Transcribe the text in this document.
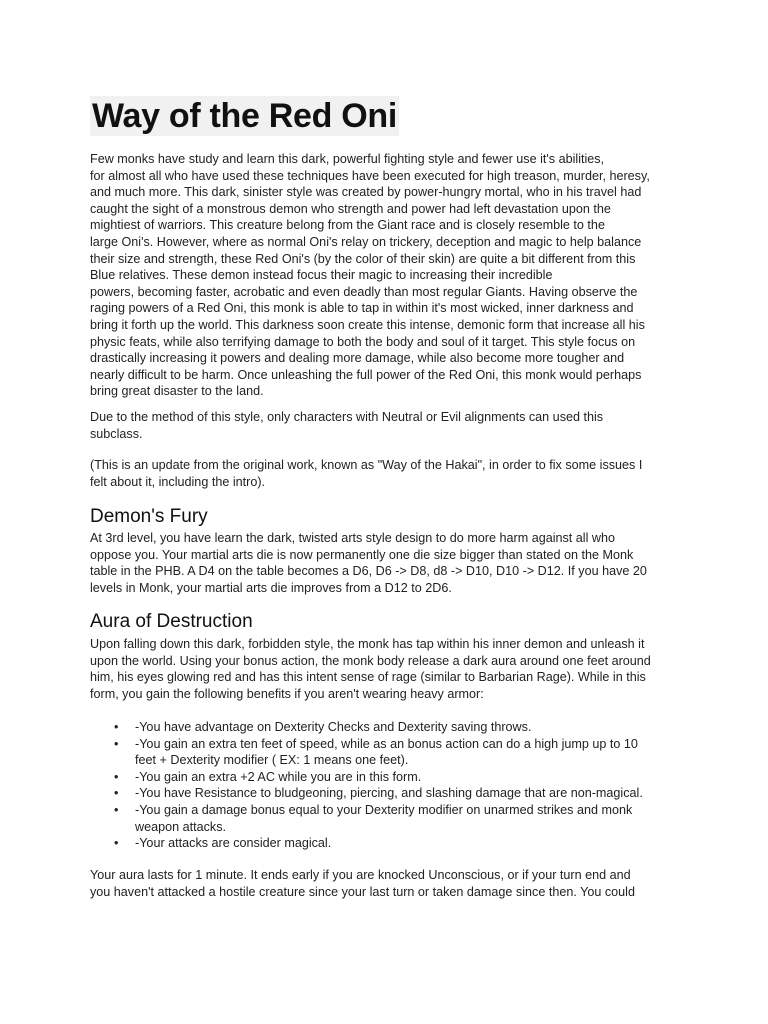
Way of the Red Oni
Few monks have study and learn this dark, powerful fighting style and fewer use it's abilities,
for almost all who have used these techniques have been executed for high treason, murder, heresy,
and much more. This dark, sinister style was created by power-hungry mortal, who in his travel had
caught the sight of a monstrous demon who strength and power had left devastation upon the
mightiest of warriors. This creature belong from the Giant race and is closely resemble to the
large Oni's. However, where as normal Oni's relay on trickery, deception and magic to help balance
their size and strength, these Red Oni's (by the color of their skin) are quite a bit different from this
Blue relatives. These demon instead focus their magic to increasing their incredible
powers, becoming faster, acrobatic and even deadly than most regular Giants. Having observe the
raging powers of a Red Oni, this monk is able to tap in within it's most wicked, inner darkness and
bring it forth up the world. This darkness soon create this intense, demonic form that increase all his
physic feats, while also terrifying damage to both the body and soul of it target. This style focus on
drastically increasing it powers and dealing more damage, while also become more tougher and
nearly difficult to be harm. Once unleashing the full power of the Red Oni, this monk would perhaps
bring great disaster to the land.
Due to the method of this style, only characters with Neutral or Evil alignments can used this
subclass.
(This is an update from the original work, known as "Way of the Hakai", in order to fix some issues I
felt about it, including the intro).
Demon's Fury
At 3rd level, you have learn the dark, twisted arts style design to do more harm against all who
oppose you. Your martial arts die is now permanently one die size bigger than stated on the Monk
table in the PHB. A D4 on the table becomes a D6, D6 -> D8, d8 -> D10, D10 -> D12. If you have 20
levels in Monk, your martial arts die improves from a D12 to 2D6.
Aura of Destruction
Upon falling down this dark, forbidden style, the monk has tap within his inner demon and unleash it
upon the world. Using your bonus action, the monk body release a dark aura around one feet around
him, his eyes glowing red and has this intent sense of rage (similar to Barbarian Rage). While in this
form, you gain the following benefits if you aren't wearing heavy armor:
• -You have advantage on Dexterity Checks and Dexterity saving throws.
• -You gain an extra ten feet of speed, while as an bonus action can do a high jump up to 10
feet + Dexterity modifier ( EX: 1 means one feet).
• -You gain an extra +2 AC while you are in this form.
• -You have Resistance to bludgeoning, piercing, and slashing damage that are non-magical.
• -You gain a damage bonus equal to your Dexterity modifier on unarmed strikes and monk
weapon attacks.
• -Your attacks are consider magical.
Your aura lasts for 1 minute. It ends early if you are knocked Unconscious, or if your turn end and
you haven't attacked a hostile creature since your last turn or taken damage since then. You could
